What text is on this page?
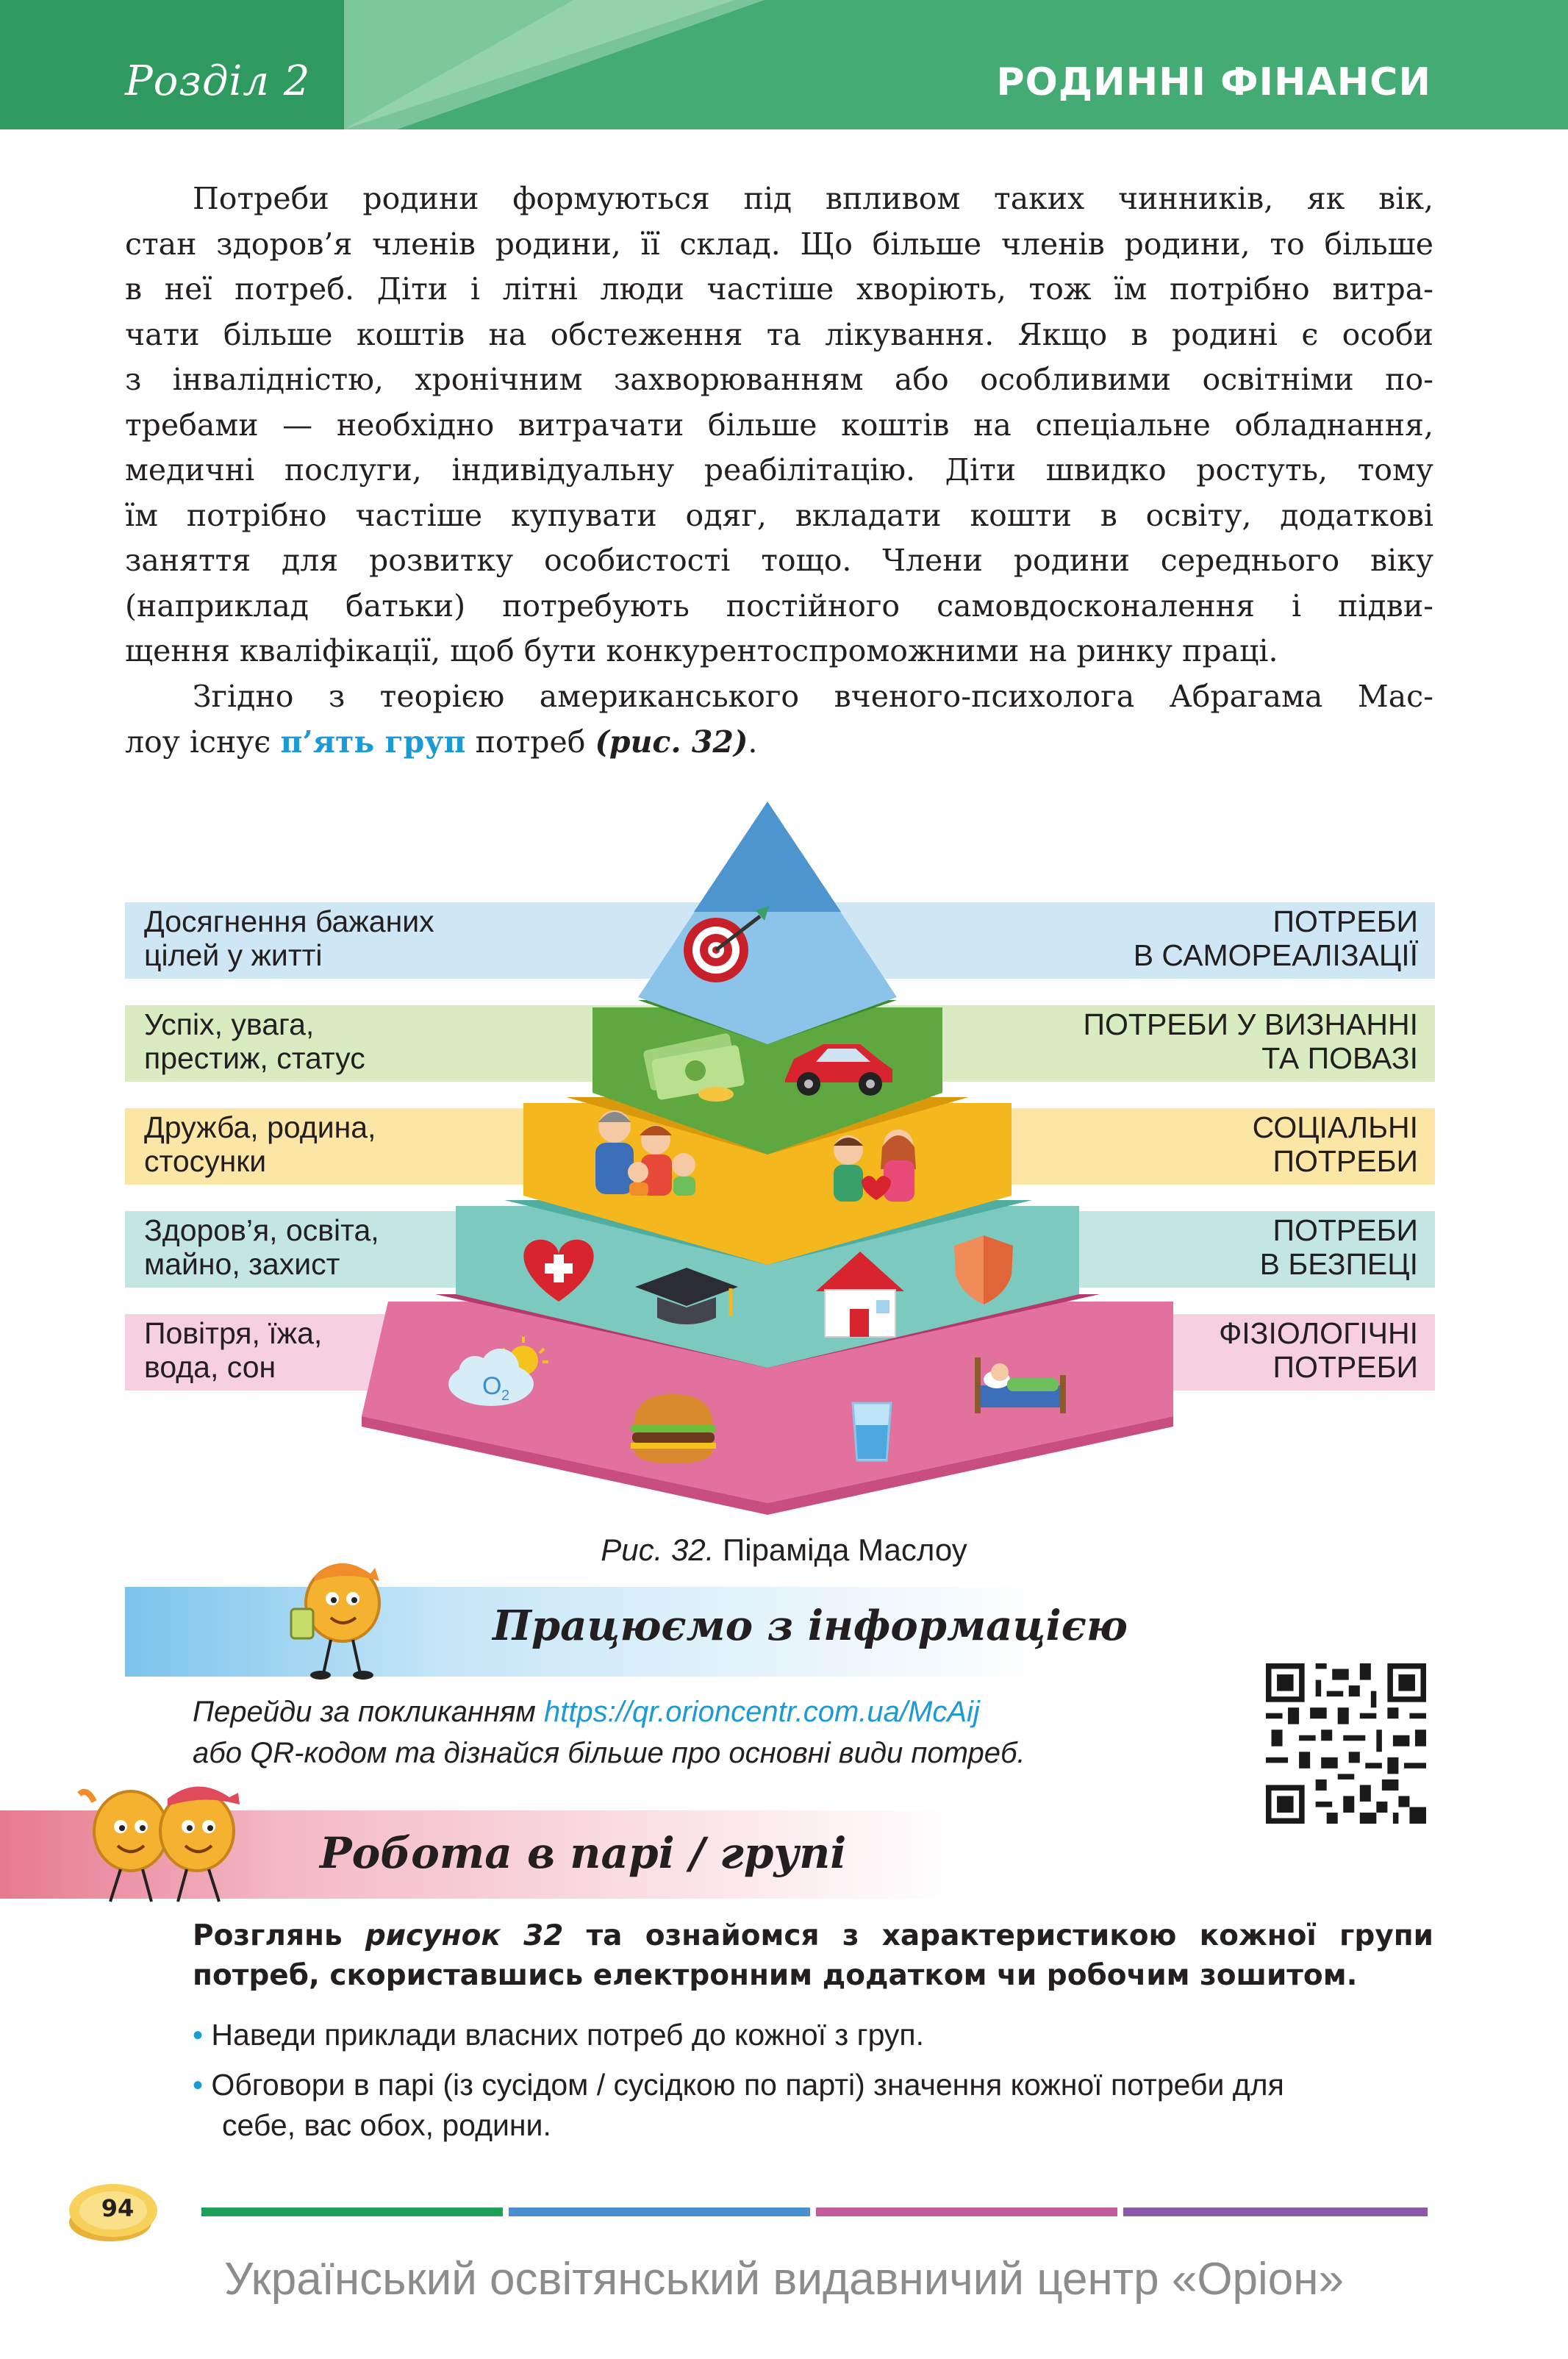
Розділ 2	РОДИННІ ФІНАНСИ
Потреби родини формуються під впливом таких чинників, як вік,
стан здоров’я членів родини, її склад. Що більше членів родини, то більше
в неї потреб. Діти і літні люди частіше хворіють, тож їм потрібно витра-
чати більше коштів на обстеження та лікування. Якщо в родині є особи
з інвалідністю, хронічним захворюванням або особливими освітніми по-
требами — необхідно витрачати більше коштів на спеціальне обладнання,
медичні послуги, індивідуальну реабілітацію. Діти швидко ростуть, тому
їм потрібно частіше купувати одяг, вкладати кошти в освіту, додаткові
заняття для розвитку особистості тощо. Члени родини середнього віку
(наприклад батьки) потребують постійного самовдосконалення і підви-
щення кваліфікації, щоб бути конкурентоспроможними на ринку праці.
Згідно з теорією американського вченого-психолога Абрагама Мас-
лоу існує п’ять груп потреб (рис. 32).
O 2
Досягнення бажаних
цілей у житті
ПОТРЕБИ
В САМОРЕАЛІЗАЦІЇ
Успіх, увага,
престиж, статус
ПОТРЕБИ У ВИЗНАННІ
ТА ПОВАЗІ
Дружба, родина,
стосунки
СОЦІАЛЬНІ
ПОТРЕБИ
Здоров’я, освіта,
майно, захист
ПОТРЕБИ
В БЕЗПЕЦІ
Повітря, їжа,
вода, сон
ФІЗІОЛОГІЧНІ
ПОТРЕБИ
Рис. 32. Піраміда Маслоу
Працюємо з інформацією
Перейди за покликанням https://qr.orioncentr.com.ua/McAij
або QR-кодом та дізнайся більше про основні види потреб.
Робота в парі / групі
Розглянь рисунок 32 та ознайомся з характеристикою кожної групи
потреб, скориставшись електронним додатком чи робочим зошитом.
• Наведи приклади власних потреб до кожної з груп.
• Обговори в парі (із сусідом / сусідкою по парті) значення кожної потреби для
себе, вас обох, родини.
94
Український освітянський видавничий центр «Оріон»
